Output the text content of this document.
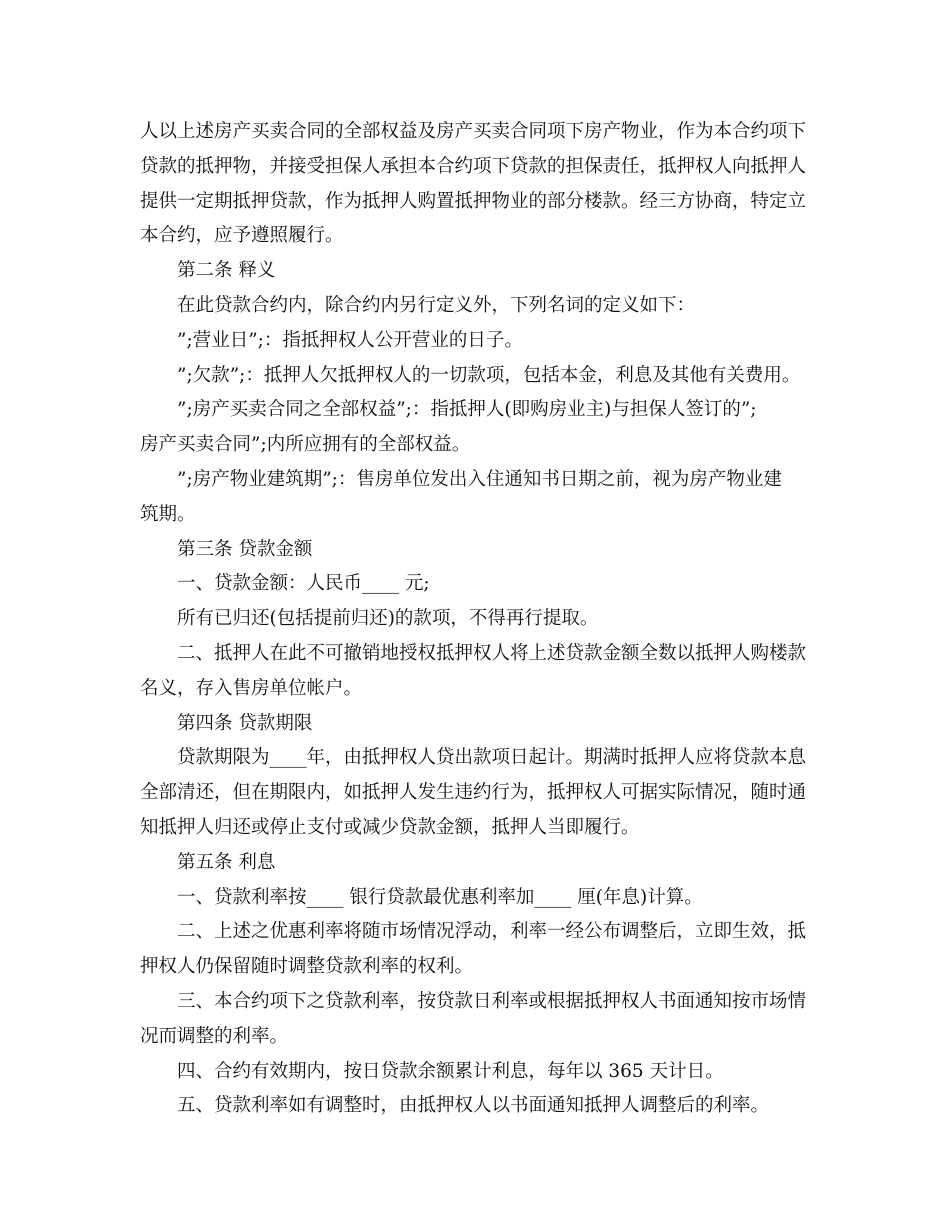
人以上述房产买卖合同的全部权益及房产买卖合同项下房产物业，作为本合约项下
贷款的抵押物，并接受担保人承担本合约项下贷款的担保责任，抵押权人向抵押人
提供一定期抵押贷款，作为抵押人购置抵押物业的部分楼款。经三方协商，特定立
本合约，应予遵照履行。
第二条 释义
在此贷款合约内，除合约内另行定义外，下列名词的定义如下：
”;营业日”;：指抵押权人公开营业的日子。
”;欠款”;：抵押人欠抵押权人的一切款项，包括本金，利息及其他有关费用。
”;房产买卖合同之全部权益”;：指抵押人(即购房业主)与担保人签订的”;
房产买卖合同”;内所应拥有的全部权益。
”;房产物业建筑期”;：售房单位发出入住通知书日期之前，视为房产物业建
筑期。
第三条 贷款金额
一、贷款金额：人民币____ 元;
所有已归还(包括提前归还)的款项，不得再行提取。
二、抵押人在此不可撤销地授权抵押权人将上述贷款金额全数以抵押人购楼款
名义，存入售房单位帐户。
第四条 贷款期限
贷款期限为____年，由抵押权人贷出款项日起计。期满时抵押人应将贷款本息
全部清还，但在期限内，如抵押人发生违约行为，抵押权人可据实际情况，随时通
知抵押人归还或停止支付或减少贷款金额，抵押人当即履行。
第五条 利息
一、贷款利率按____ 银行贷款最优惠利率加____ 厘(年息)计算。
二、上述之优惠利率将随市场情况浮动，利率一经公布调整后，立即生效，抵
押权人仍保留随时调整贷款利率的权利。
三、本合约项下之贷款利率，按贷款日利率或根据抵押权人书面通知按市场情
况而调整的利率。
四、合约有效期内，按日贷款余额累计利息，每年以 365 天计日。
五、贷款利率如有调整时，由抵押权人以书面通知抵押人调整后的利率。
